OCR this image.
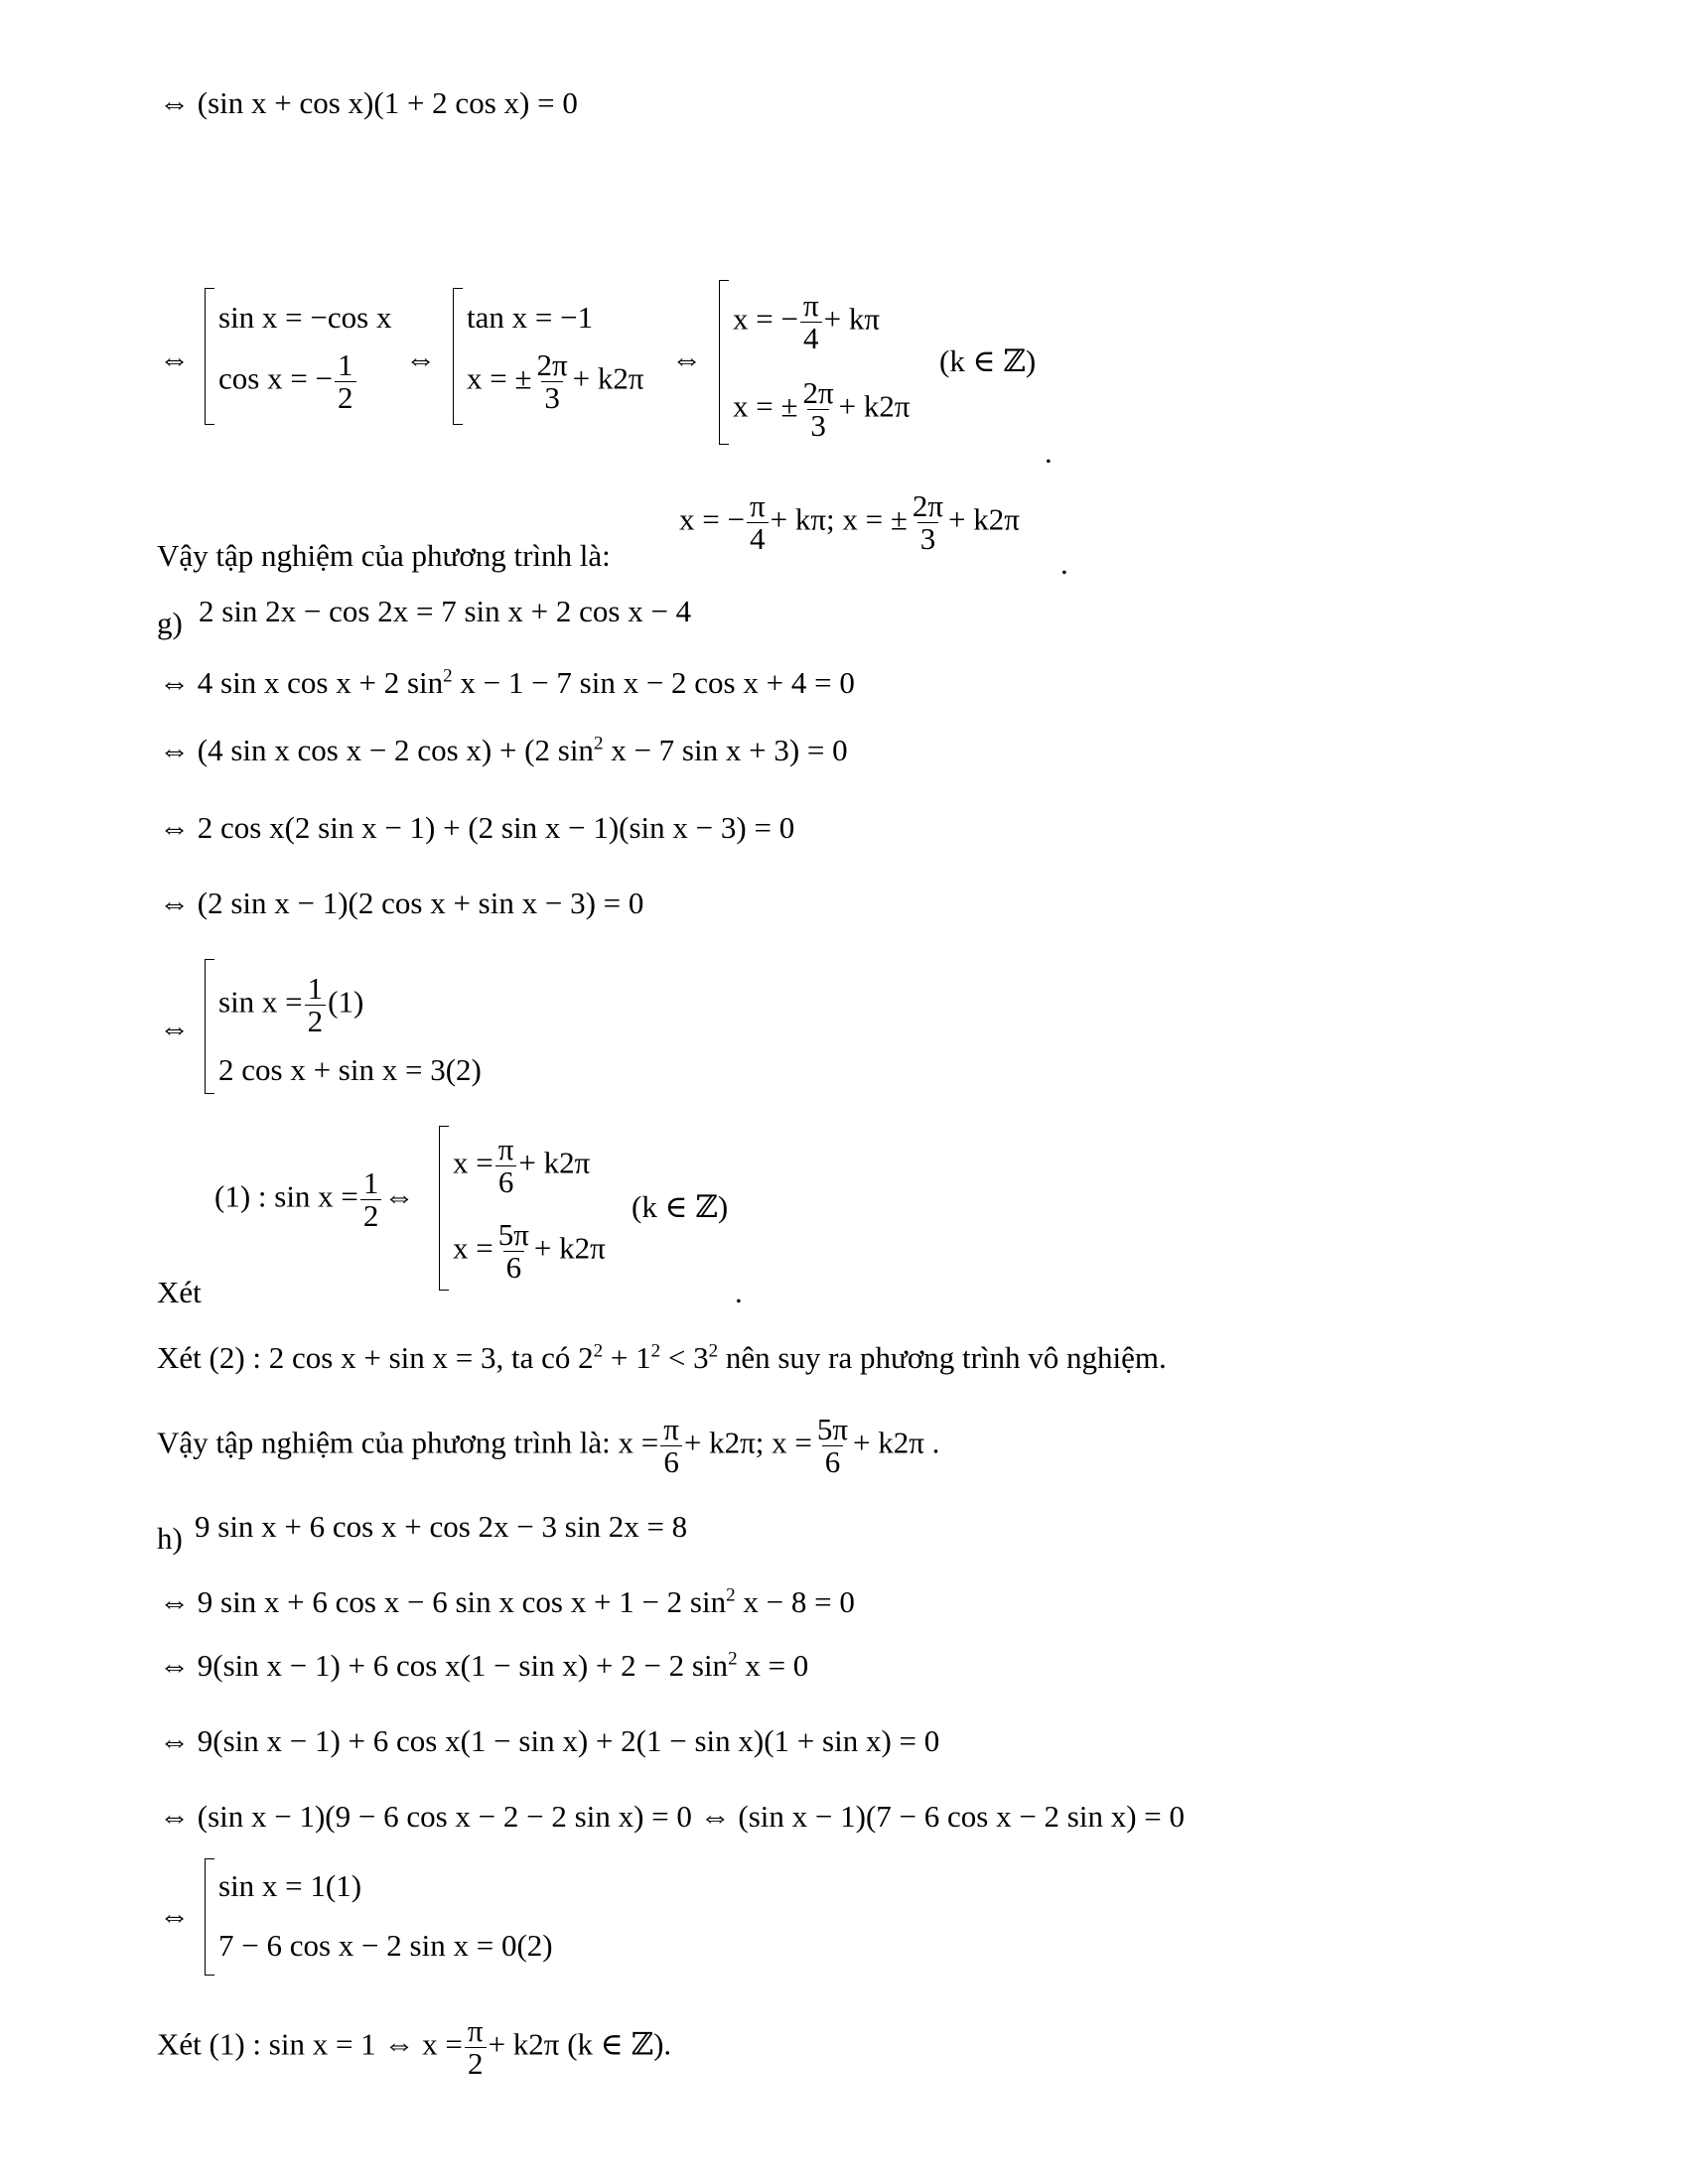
⇔ (sin x + cos x)(1 + 2 cos x) = 0
⇔
sin x = −cos x
cos x = − $\frac{1}{2}$ ⇔
tan x = −1
x = ± $\frac{2\pi}{3} + k2\pi$
⇔
x = − $\frac{\pi}{4} + k\pi$
x = ± $\frac{2\pi}{3} + k2\pi$
(k ∈ ℤ)
.
Vậy tập nghiệm của phương trình là:
x = − $\frac{\pi}{4} + k\pi$; x = ± $\frac{2\pi}{3} + k2\pi$
.
g) 2 sin 2x − cos 2x = 7 sin x + 2 cos x − 4
⇔ 4 sin x cos x + 2 $\sin^2 x - 1 - 7$ sin x − 2 cos x + 4 = 0
⇔ (4 sin x cos x − 2 cos x) + (2 $\sin^2 x - 7$ sin x + 3) = 0
⇔ 2 cos x(2 sin x − 1) + (2 sin x − 1)(sin x − 3) = 0
⇔ (2 sin x − 1)(2 cos x + sin x − 3) = 0
⇔
$\sin x = \frac{1}{2} (1)$
2 cos x + sin x = 3(2)
Xét
(1) : $\sin x = \frac{1}{2}$ ⇔
$x = \frac{\pi}{6} + k2\pi$
$x = \frac{5\pi}{6} + k2\pi$
(k ∈ ℤ)
.
Xét (2) : 2 cos x + sin x = 3, ta có $2^2 + 1^2 < 3^2$ nên suy ra phương trình vô nghiệm.
Vậy tập nghiệm của phương trình là: $x = \frac{\pi}{6} + k2\pi$; $x = \frac{5\pi}{6} + k2\pi$ .
h) 9 sin x + 6 cos x + cos 2x − 3 sin 2x = 8
⇔ 9 sin x + 6 cos x − 6 sin x cos x + 1 − 2 $\sin^2 x - 8 = 0$
⇔ 9(sin x − 1) + 6 cos x(1 − sin x) + 2 − 2 $\sin^2 x = 0$
⇔ 9(sin x − 1) + 6 cos x(1 − sin x) + 2(1 − sin x)(1 + sin x) = 0
⇔ (sin x − 1)(9 − 6 cos x − 2 − 2 sin x) = 0 ⇔ (sin x − 1)(7 − 6 cos x − 2 sin x) = 0
⇔
sin x = 1(1)
7 − 6 cos x − 2 sin x = 0(2)
Xét (1) : sin x = 1 ⇔ $x = \frac{\pi}{2} + k2\pi$ (k ∈ ℤ).
